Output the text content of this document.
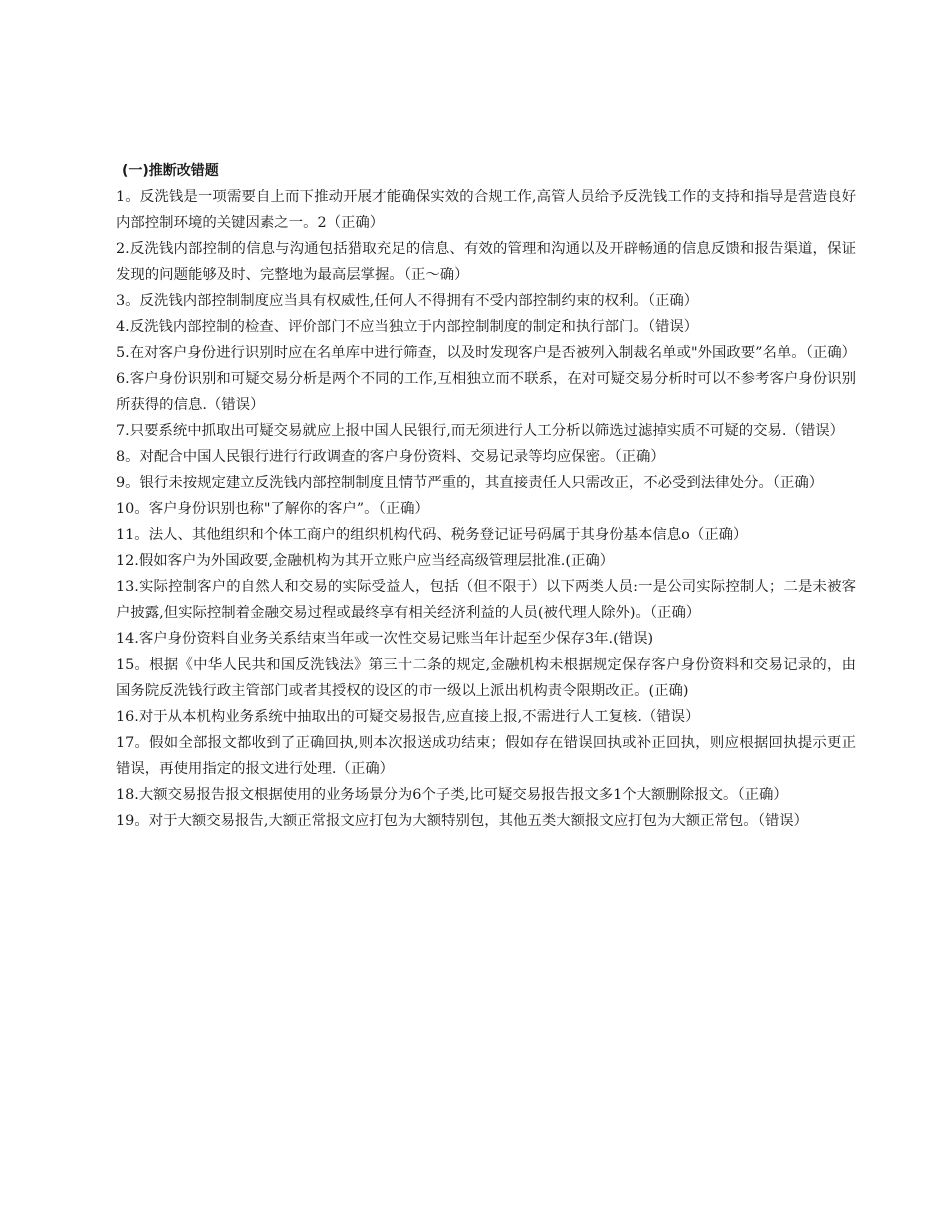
(一)推断改错题

1。反洗钱是一项需要自上而下推动开展才能确保实效的合规工作,高管人员给予反洗钱工作的支持和指导是营造良好内部控制环境的关键因素之一。2（正确）

2.反洗钱内部控制的信息与沟通包括猎取充足的信息、有效的管理和沟通以及开辟畅通的信息反馈和报告渠道，保证发现的问题能够及时、完整地为最高层掌握。（正～确）

3。反洗钱内部控制制度应当具有权威性,任何人不得拥有不受内部控制约束的权利。（正确）

4.反洗钱内部控制的检查、评价部门不应当独立于内部控制制度的制定和执行部门。（错误）

5.在对客户身份进行识别时应在名单库中进行筛查，以及时发现客户是否被列入制裁名单或"外国政要”名单。（正确）

6.客户身份识别和可疑交易分析是两个不同的工作,互相独立而不联系，在对可疑交易分析时可以不参考客户身份识别所获得的信息.（错误）

7.只要系统中抓取出可疑交易就应上报中国人民银行,而无须进行人工分析以筛选过滤掉实质不可疑的交易.（错误）

8。对配合中国人民银行进行行政调查的客户身份资料、交易记录等均应保密。（正确）

9。银行未按规定建立反洗钱内部控制制度且情节严重的，其直接责任人只需改正，不必受到法律处分。（正确）

10。客户身份识别也称"了解你的客户”。（正确）

11。法人、其他组织和个体工商户的组织机构代码、税务登记证号码属于其身份基本信息o（正确）

12.假如客户为外国政要,金融机构为其开立账户应当经高级管理层批准.(正确）

13.实际控制客户的自然人和交易的实际受益人，包括（但不限于）以下两类人员:一是公司实际控制人；二是未被客户披露,但实际控制着金融交易过程或最终享有相关经济利益的人员(被代理人除外)。（正确）

14.客户身份资料自业务关系结束当年或一次性交易记账当年计起至少保存3年.(错误)

15。根据《中华人民共和国反洗钱法》第三十二条的规定,金融机构未根据规定保存客户身份资料和交易记录的，由国务院反洗钱行政主管部门或者其授权的设区的市一级以上派出机构责令限期改正。(正确)

16.对于从本机构业务系统中抽取出的可疑交易报告,应直接上报,不需进行人工复核.（错误）

17。假如全部报文都收到了正确回执,则本次报送成功结束；假如存在错误回执或补正回执，则应根据回执提示更正错误，再使用指定的报文进行处理.（正确）

18.大额交易报告报文根据使用的业务场景分为6个子类,比可疑交易报告报文多1个大额删除报文。（正确）

19。对于大额交易报告,大额正常报文应打包为大额特别包，其他五类大额报文应打包为大额正常包。（错误）
